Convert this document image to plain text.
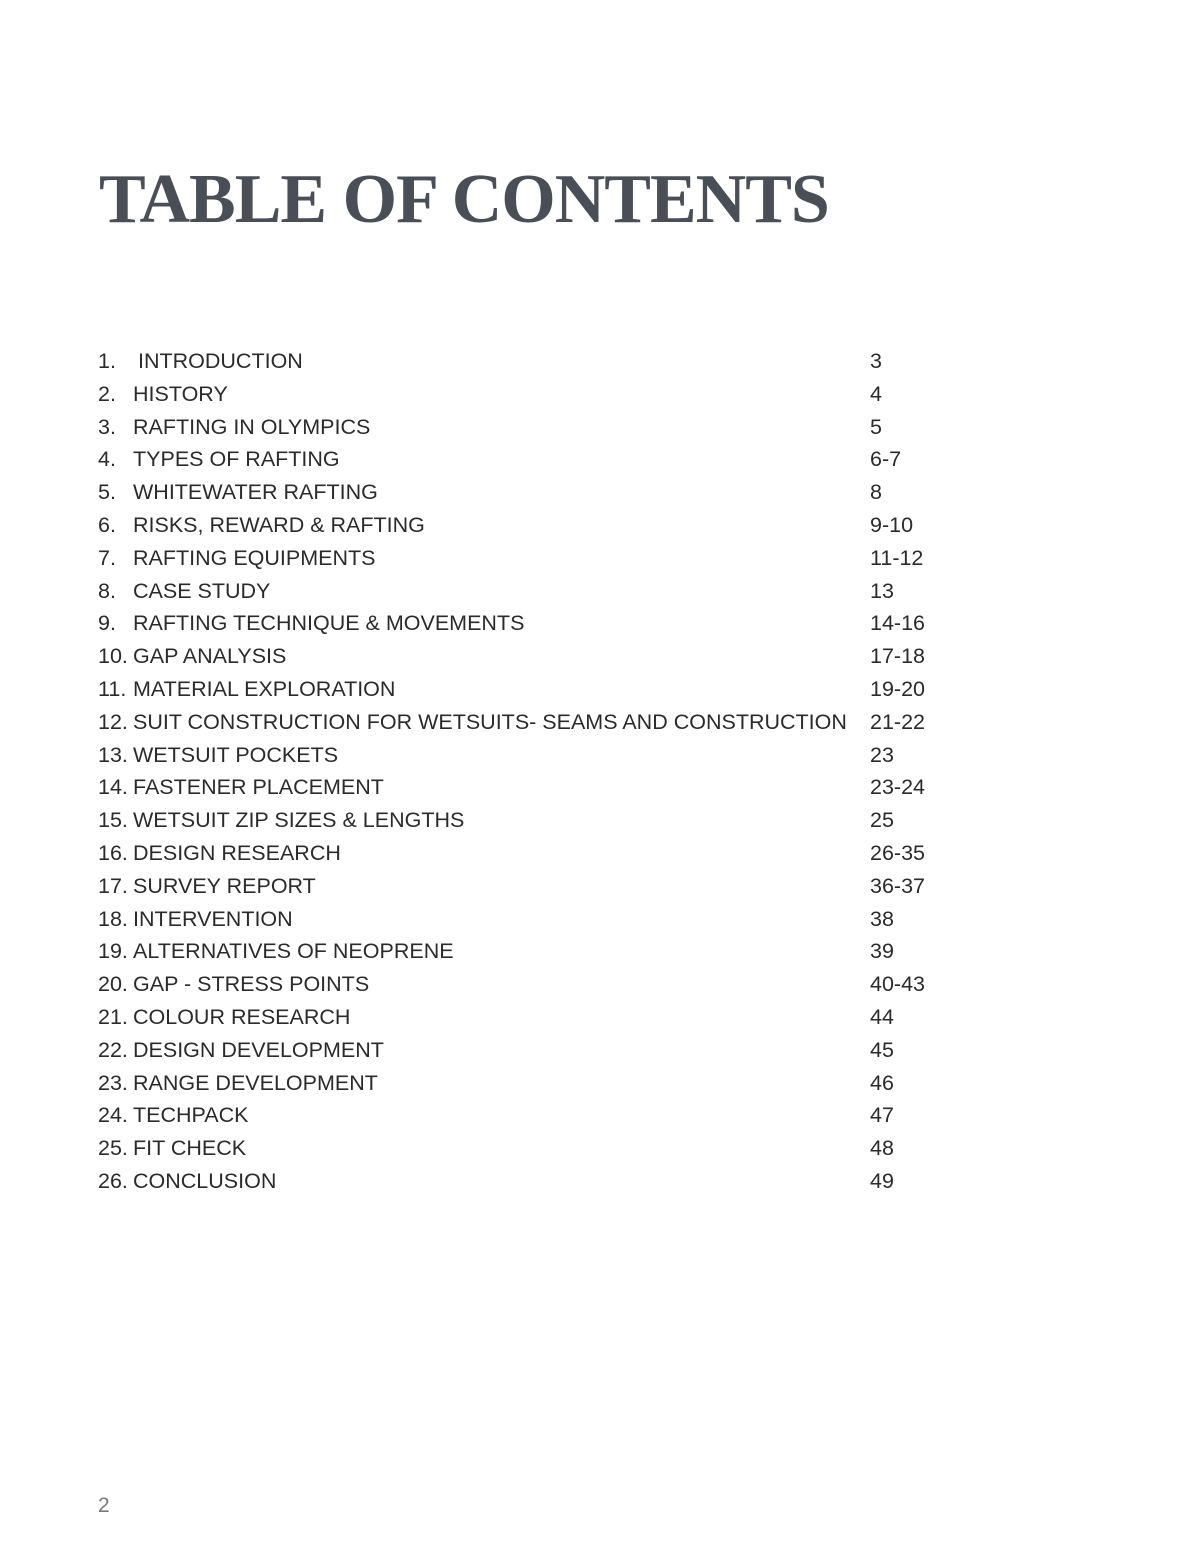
TABLE OF CONTENTS
1. INTRODUCTION	3
2. HISTORY	4
3. RAFTING IN OLYMPICS	5
4. TYPES OF RAFTING	6-7
5. WHITEWATER RAFTING	8
6. RISKS, REWARD & RAFTING	9-10
7. RAFTING EQUIPMENTS	11-12
8. CASE STUDY	13
9. RAFTING TECHNIQUE & MOVEMENTS	14-16
10. GAP ANALYSIS	17-18
11. MATERIAL EXPLORATION	19-20
12. SUIT CONSTRUCTION FOR WETSUITS- SEAMS AND CONSTRUCTION 21-22
13. WETSUIT POCKETS	23
14. FASTENER PLACEMENT	23-24
15. WETSUIT ZIP SIZES & LENGTHS	25
16. DESIGN RESEARCH	26-35
17. SURVEY REPORT	36-37
18. INTERVENTION	38
19. ALTERNATIVES OF NEOPRENE	39
20. GAP - STRESS POINTS	40-43
21. COLOUR RESEARCH	44
22. DESIGN DEVELOPMENT	45
23. RANGE DEVELOPMENT	46
24. TECHPACK	47
25. FIT CHECK	48
26. CONCLUSION	49
2
